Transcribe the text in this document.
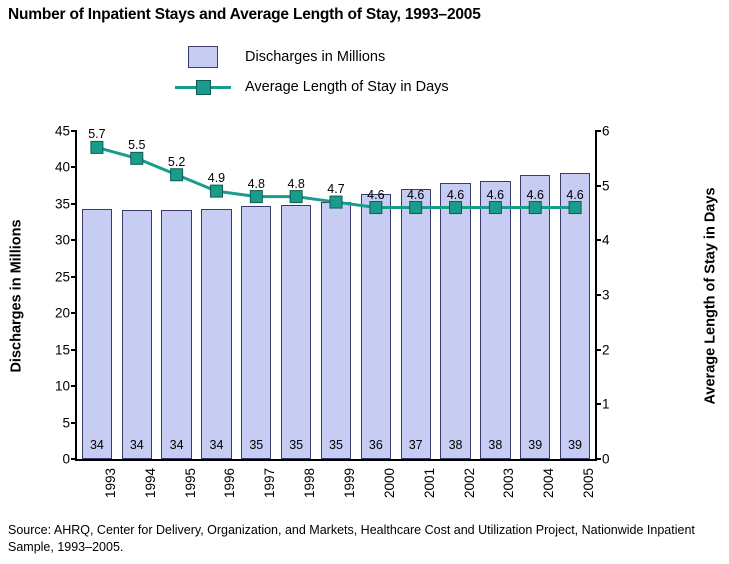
Number of Inpatient Stays and Average Length of Stay, 1993–2005
Discharges in Millions
Average Length of Stay in Days
Discharges in Millions	Average Length of Stay in Days
0
5
10
15
20
25
30
35
40
45
0
1
2
3
4
5
6
34	34	34	34	35	35	35	36	37	38	38	39	39
1993 1994 1995 1996 1997 1998 1999 2000 2001 2002 2003 2004 2005
5.7
5.5
5.2
4.9	4.8	4.8	4.7	4.6	4.6	4.6	4.6	4.6	4.6
Source: AHRQ, Center for Delivery, Organization, and Markets, Healthcare Cost and Utilization Project, Nationwide Inpatient Sample, 1993–2005.
